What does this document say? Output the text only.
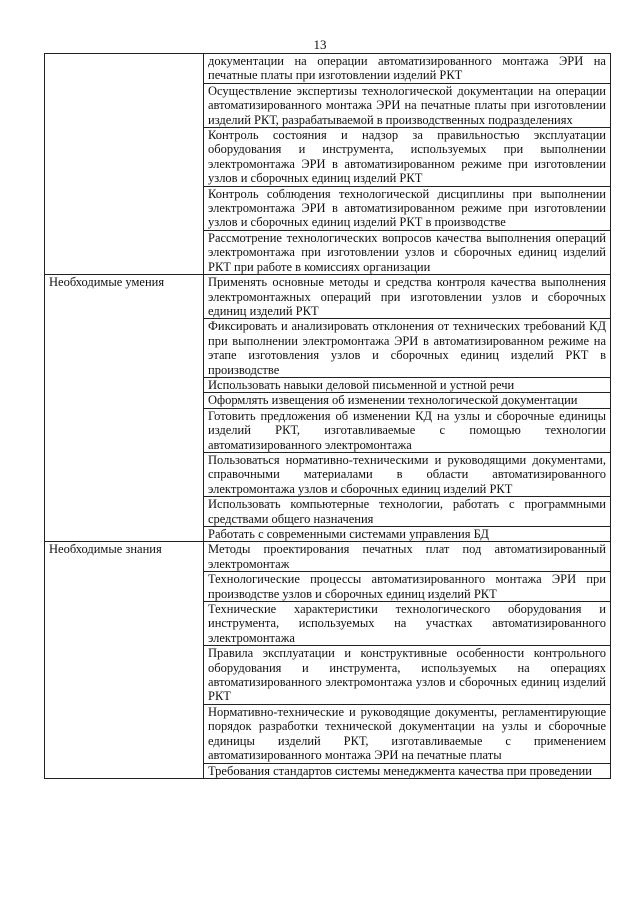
13
	документации на операции автоматизированного монтажа ЭРИ на печатные платы при изготовлении изделий РКТ
	Осуществление экспертизы технологической документации на операции автоматизированного монтажа ЭРИ на печатные платы при изготовлении изделий РКТ, разрабатываемой в производственных подразделениях
	Контроль состояния и надзор за правильностью эксплуатации оборудования и инструмента, используемых при выполнении электромонтажа ЭРИ в автоматизированном режиме при изготовлении узлов и сборочных единиц изделий РКТ
	Контроль соблюдения технологической дисциплины при выполнении электромонтажа ЭРИ в автоматизированном режиме при изготовлении узлов и сборочных единиц изделий РКТ в производстве
	Рассмотрение технологических вопросов качества выполнения операций электромонтажа при изготовлении узлов и сборочных единиц изделий РКТ при работе в комиссиях организации
Необходимые умения	Применять основные методы и средства контроля качества выполнения электромонтажных операций при изготовлении узлов и сборочных единиц изделий РКТ
	Фиксировать и анализировать отклонения от технических требований КД при выполнении электромонтажа ЭРИ в автоматизированном режиме на этапе изготовления узлов и сборочных единиц изделий РКТ в производстве
	Использовать навыки деловой письменной и устной речи
	Оформлять извещения об изменении технологической документации
	Готовить предложения об изменении КД на узлы и сборочные единицы изделий РКТ, изготавливаемые с помощью технологии автоматизированного электромонтажа
	Пользоваться нормативно-техническими и руководящими документами, справочными материалами в области автоматизированного электромонтажа узлов и сборочных единиц изделий РКТ
	Использовать компьютерные технологии, работать с программными средствами общего назначения
	Работать с современными системами управления БД
Необходимые знания	Методы проектирования печатных плат под автоматизированный электромонтаж
	Технологические процессы автоматизированного монтажа ЭРИ при производстве узлов и сборочных единиц изделий РКТ
	Технические характеристики технологического оборудования и инструмента, используемых на участках автоматизированного электромонтажа
	Правила эксплуатации и конструктивные особенности контрольного оборудования и инструмента, используемых на операциях автоматизированного электромонтажа узлов и сборочных единиц изделий РКТ
	Нормативно-технические и руководящие документы, регламентирующие порядок разработки технической документации на узлы и сборочные единицы изделий РКТ, изготавливаемые с применением автоматизированного монтажа ЭРИ на печатные платы
	Требования стандартов системы менеджмента качества при проведении
